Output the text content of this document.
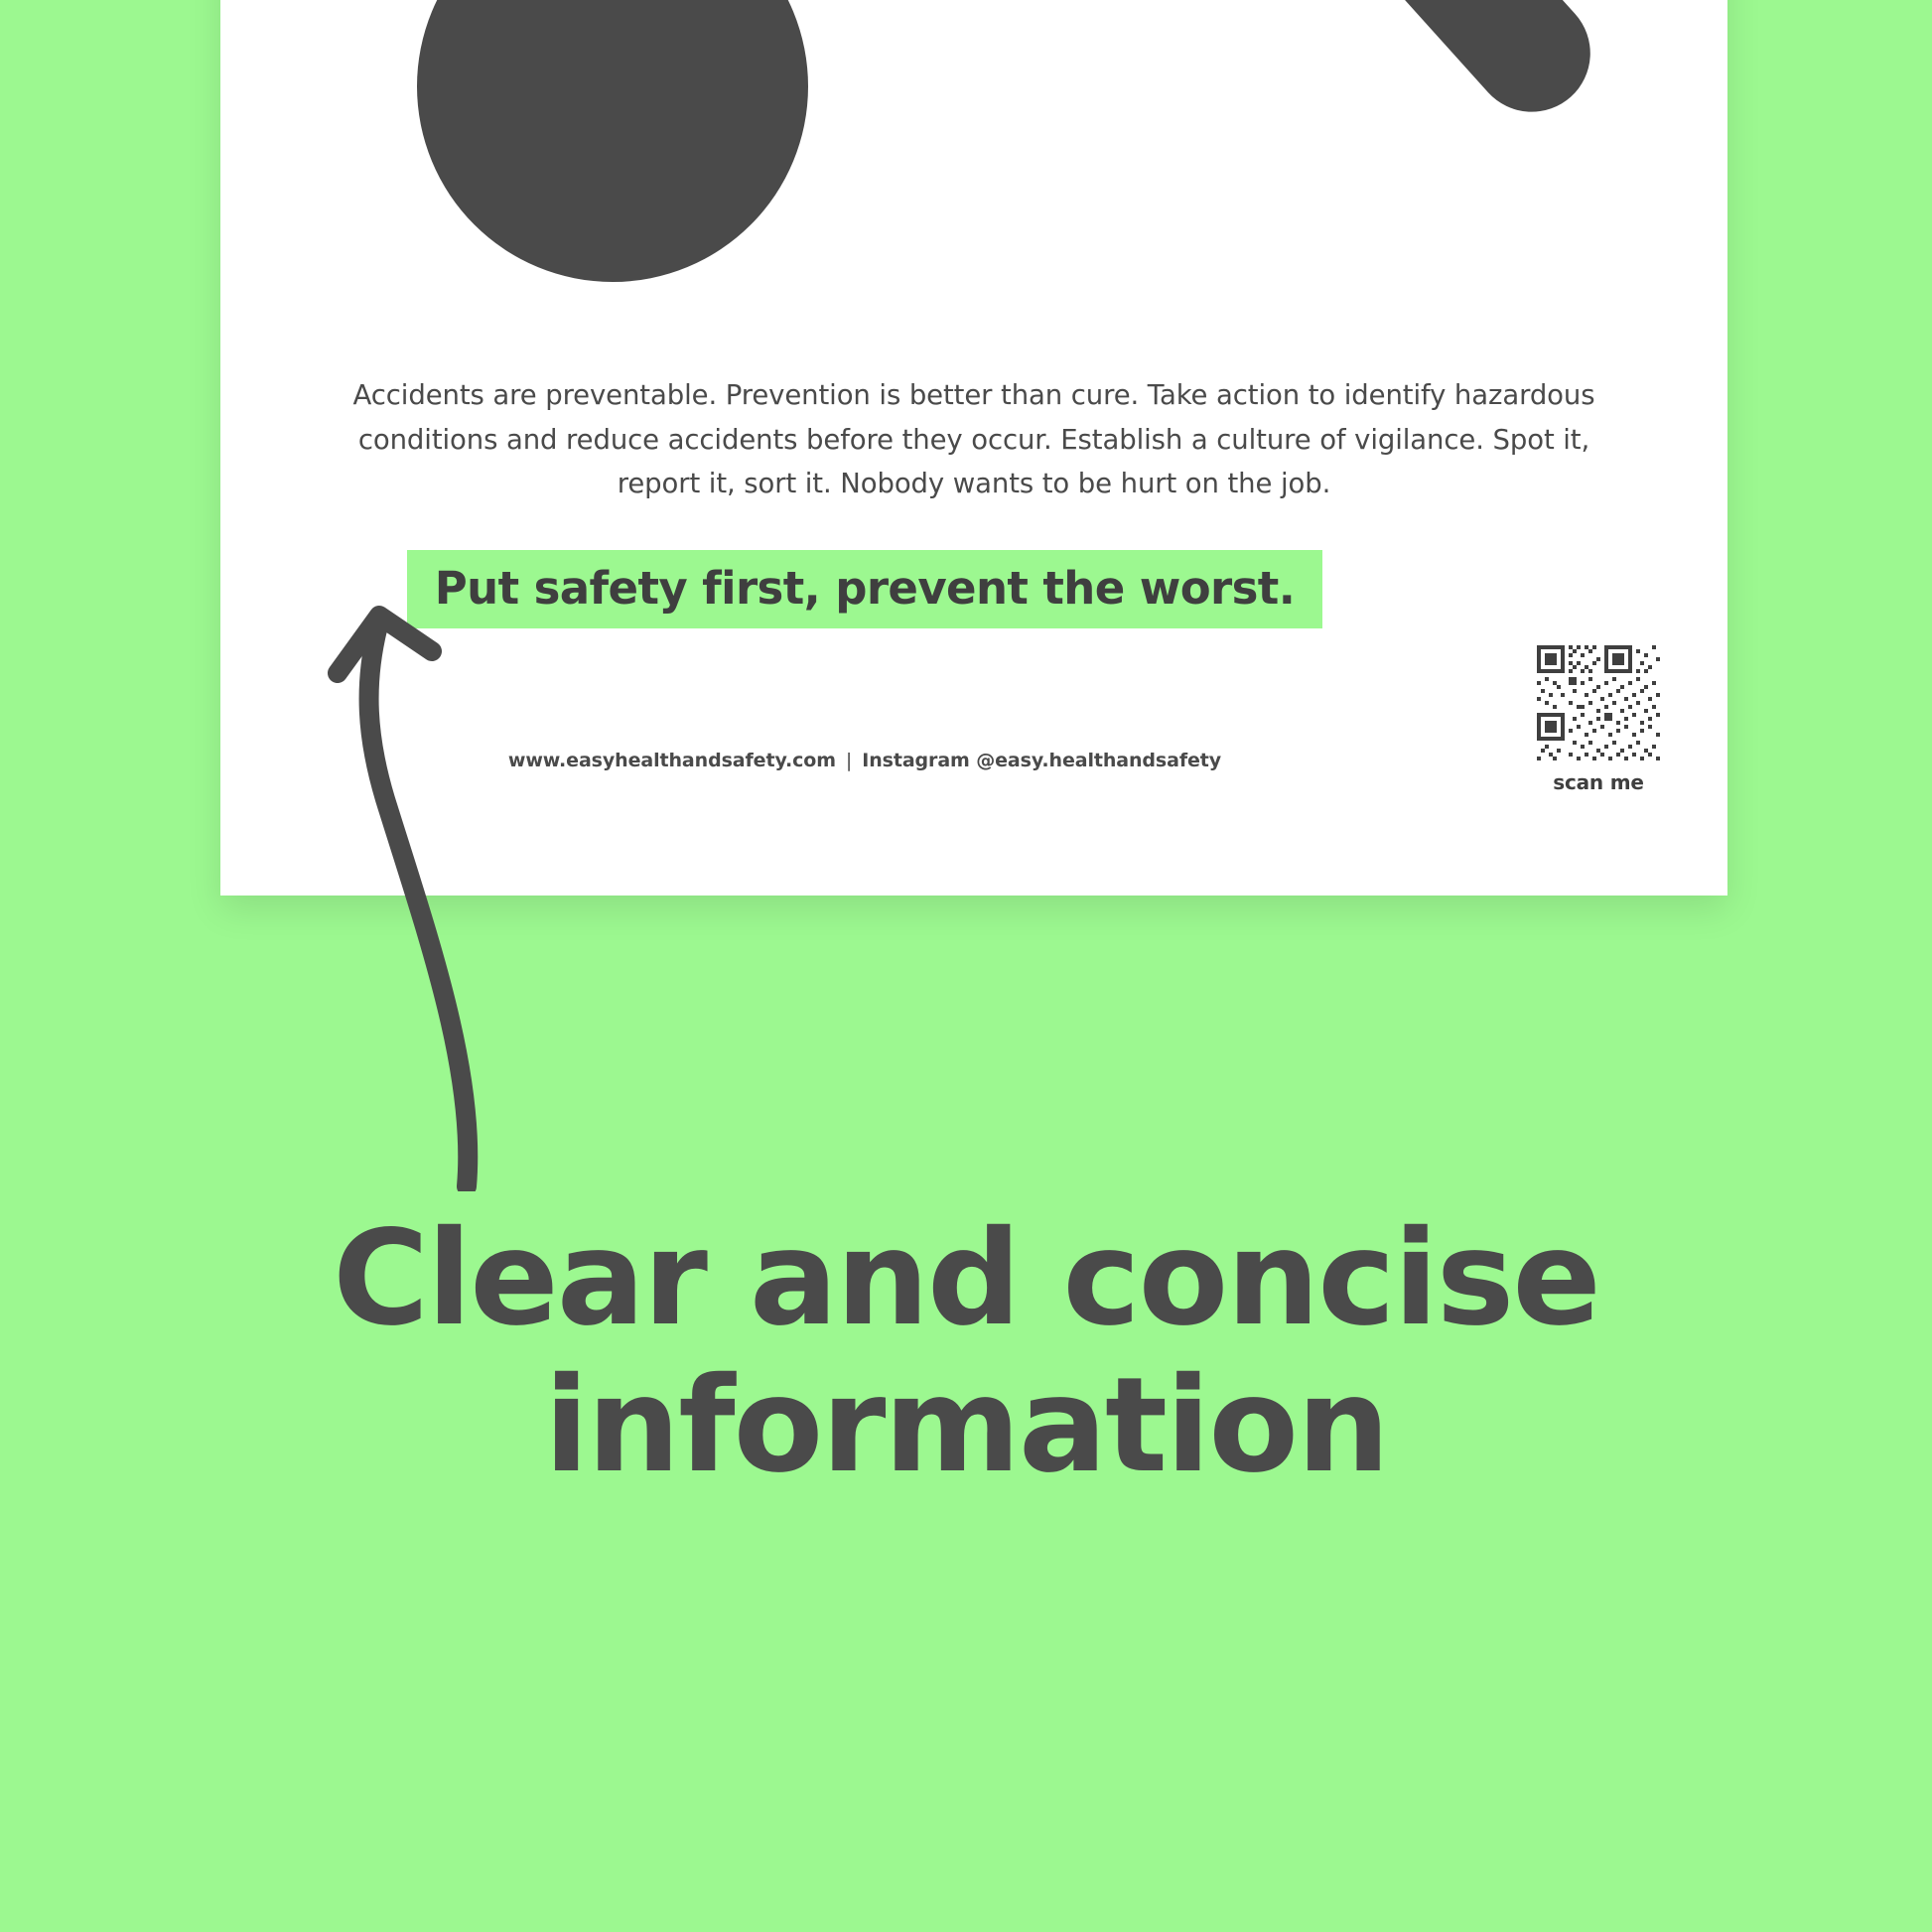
Accidents are preventable. Prevention is better than cure. Take action to identify hazardous conditions and reduce accidents before they occur. Establish a culture of vigilance. Spot it, report it, sort it. Nobody wants to be hurt on the job.

Put safety first, prevent the worst.
www.easyhealthandsafety.com | Instagram @easy.healthandsafety
scan me
Clear and concise
information
